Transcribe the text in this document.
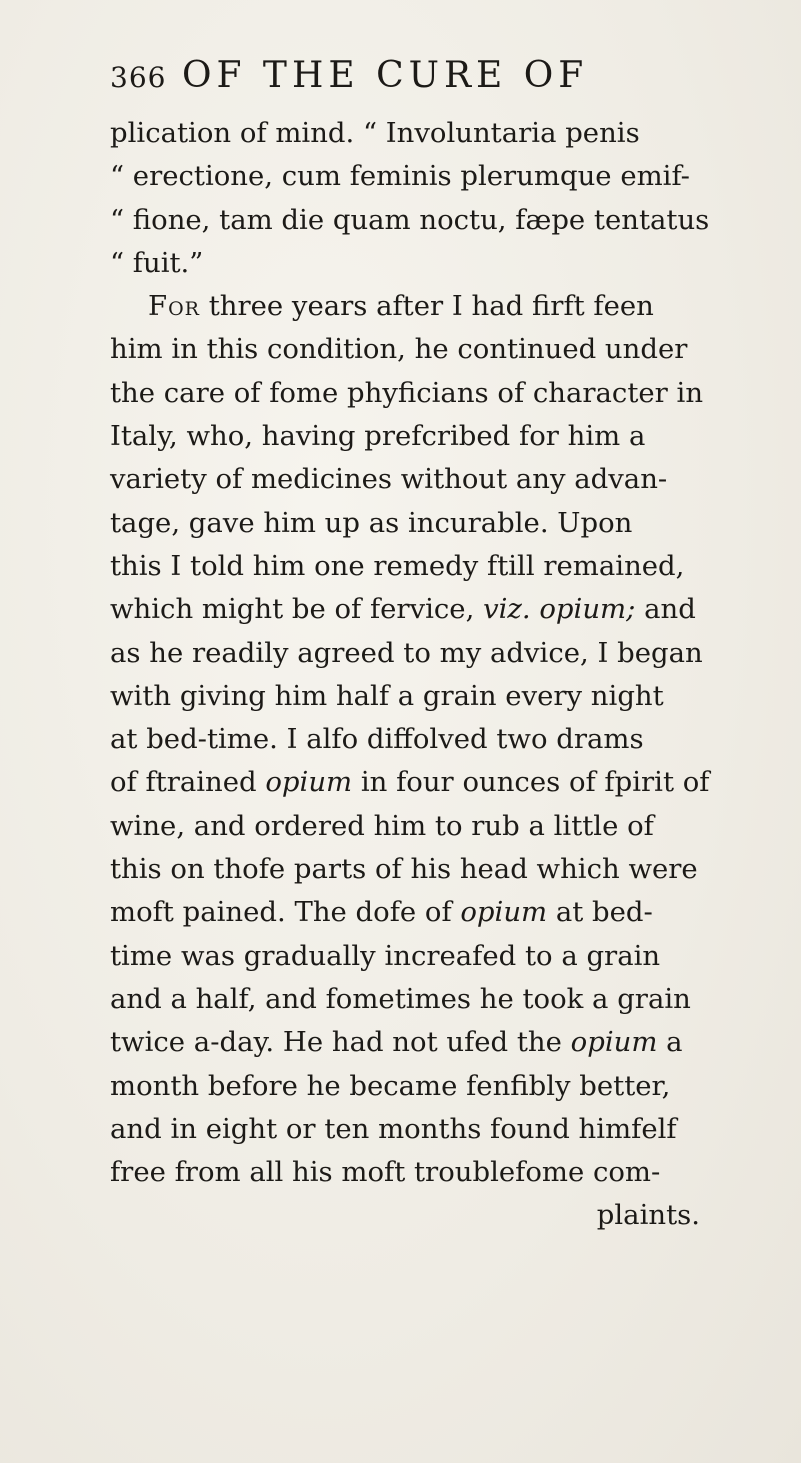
366 OF THE CURE OF
plication of mind. “ Involuntaria penis
“ erectione, cum feminis plerumque emif-
“ fione, tam die quam noctu, fæpe tentatus
“ fuit.”
For three years after I had firft feen
him in this condition, he continued under
the care of fome phyficians of character in
Italy, who, having prefcribed for him a
variety of medicines without any advan-
tage, gave him up as incurable. Upon
this I told him one remedy ftill remained,
which might be of fervice, viz. opium; and
as he readily agreed to my advice, I began
with giving him half a grain every night
at bed-time. I alfo diffolved two drams
of ftrained opium in four ounces of fpirit of
wine, and ordered him to rub a little of
this on thofe parts of his head which were
moft pained. The dofe of opium at bed-
time was gradually increafed to a grain
and a half, and fometimes he took a grain
twice a-day. He had not ufed the opium a
month before he became fenfibly better,
and in eight or ten months found himfelf
free from all his moft troublefome com-
plaints.
